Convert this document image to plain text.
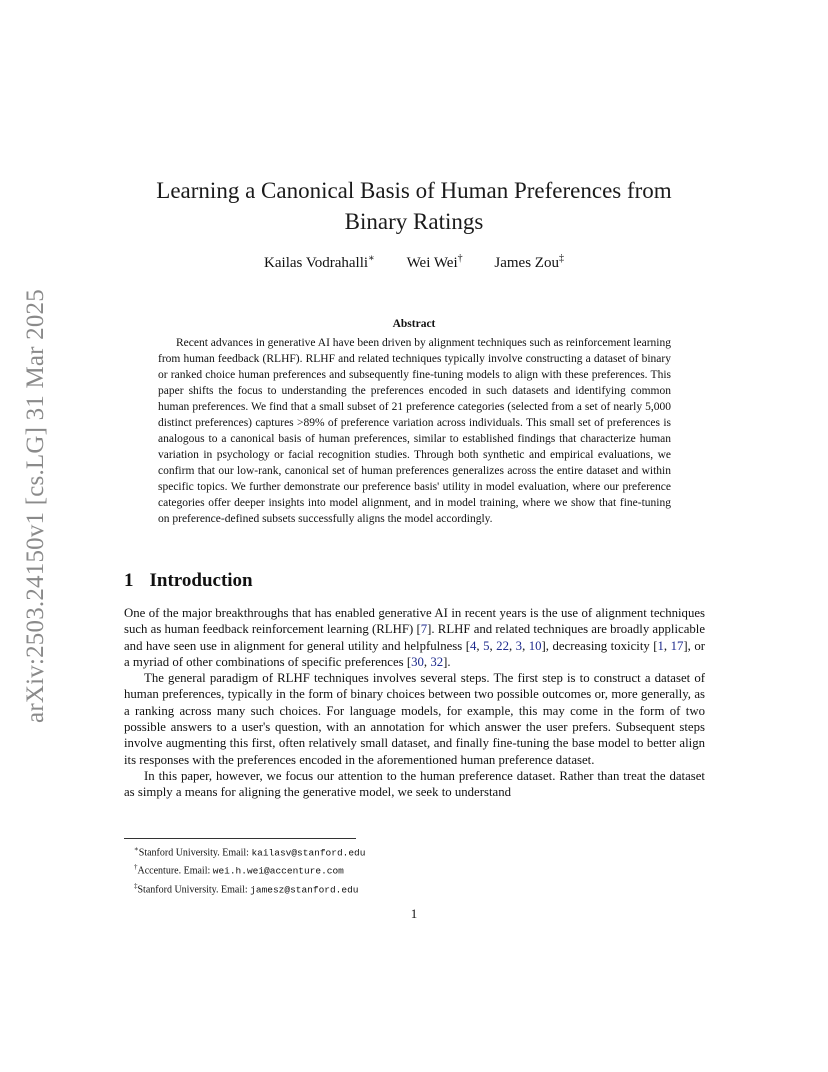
arXiv:2503.24150v1 [cs.LG] 31 Mar 2025
Learning a Canonical Basis of Human Preferences from
Binary Ratings
Kailas Vodrahalli∗ Wei Wei† James Zou‡
Abstract

Recent advances in generative AI have been driven by alignment techniques such as reinforcement learning from human feedback (RLHF). RLHF and related techniques typically involve constructing a dataset of binary or ranked choice human preferences and subsequently fine-tuning models to align with these preferences. This paper shifts the focus to understanding the preferences encoded in such datasets and identifying common human preferences. We find that a small subset of 21 preference categories (selected from a set of nearly 5,000 distinct preferences) captures >89% of preference variation across individuals. This small set of preferences is analogous to a canonical basis of human preferences, similar to established findings that characterize human variation in psychology or facial recognition studies. Through both synthetic and empirical evaluations, we confirm that our low-rank, canonical set of human preferences generalizes across the entire dataset and within specific topics. We further demonstrate our preference basis' utility in model evaluation, where our preference categories offer deeper insights into model alignment, and in model training, where we show that fine-tuning on preference-defined subsets successfully aligns the model accordingly.

1 Introduction

One of the major breakthroughs that has enabled generative AI in recent years is the use of alignment techniques such as human feedback reinforcement learning (RLHF) [7]. RLHF and related techniques are broadly applicable and have seen use in alignment for general utility and helpfulness [4, 5, 22, 3, 10], decreasing toxicity [1, 17], or a myriad of other combinations of specific preferences [30, 32].

The general paradigm of RLHF techniques involves several steps. The first step is to construct a dataset of human preferences, typically in the form of binary choices between two possible outcomes or, more generally, as a ranking across many such choices. For language models, for example, this may come in the form of two possible answers to a user's question, with an annotation for which answer the user prefers. Subsequent steps involve augmenting this first, often relatively small dataset, and finally fine-tuning the base model to better align its responses with the preferences encoded in the aforementioned human preference dataset.

In this paper, however, we focus our attention to the human preference dataset. Rather than treat the dataset as simply a means for aligning the generative model, we seek to understand

∗Stanford University. Email: kailasv@stanford.edu
†Accenture. Email: wei.h.wei@accenture.com
‡Stanford University. Email: jamesz@stanford.edu
1
